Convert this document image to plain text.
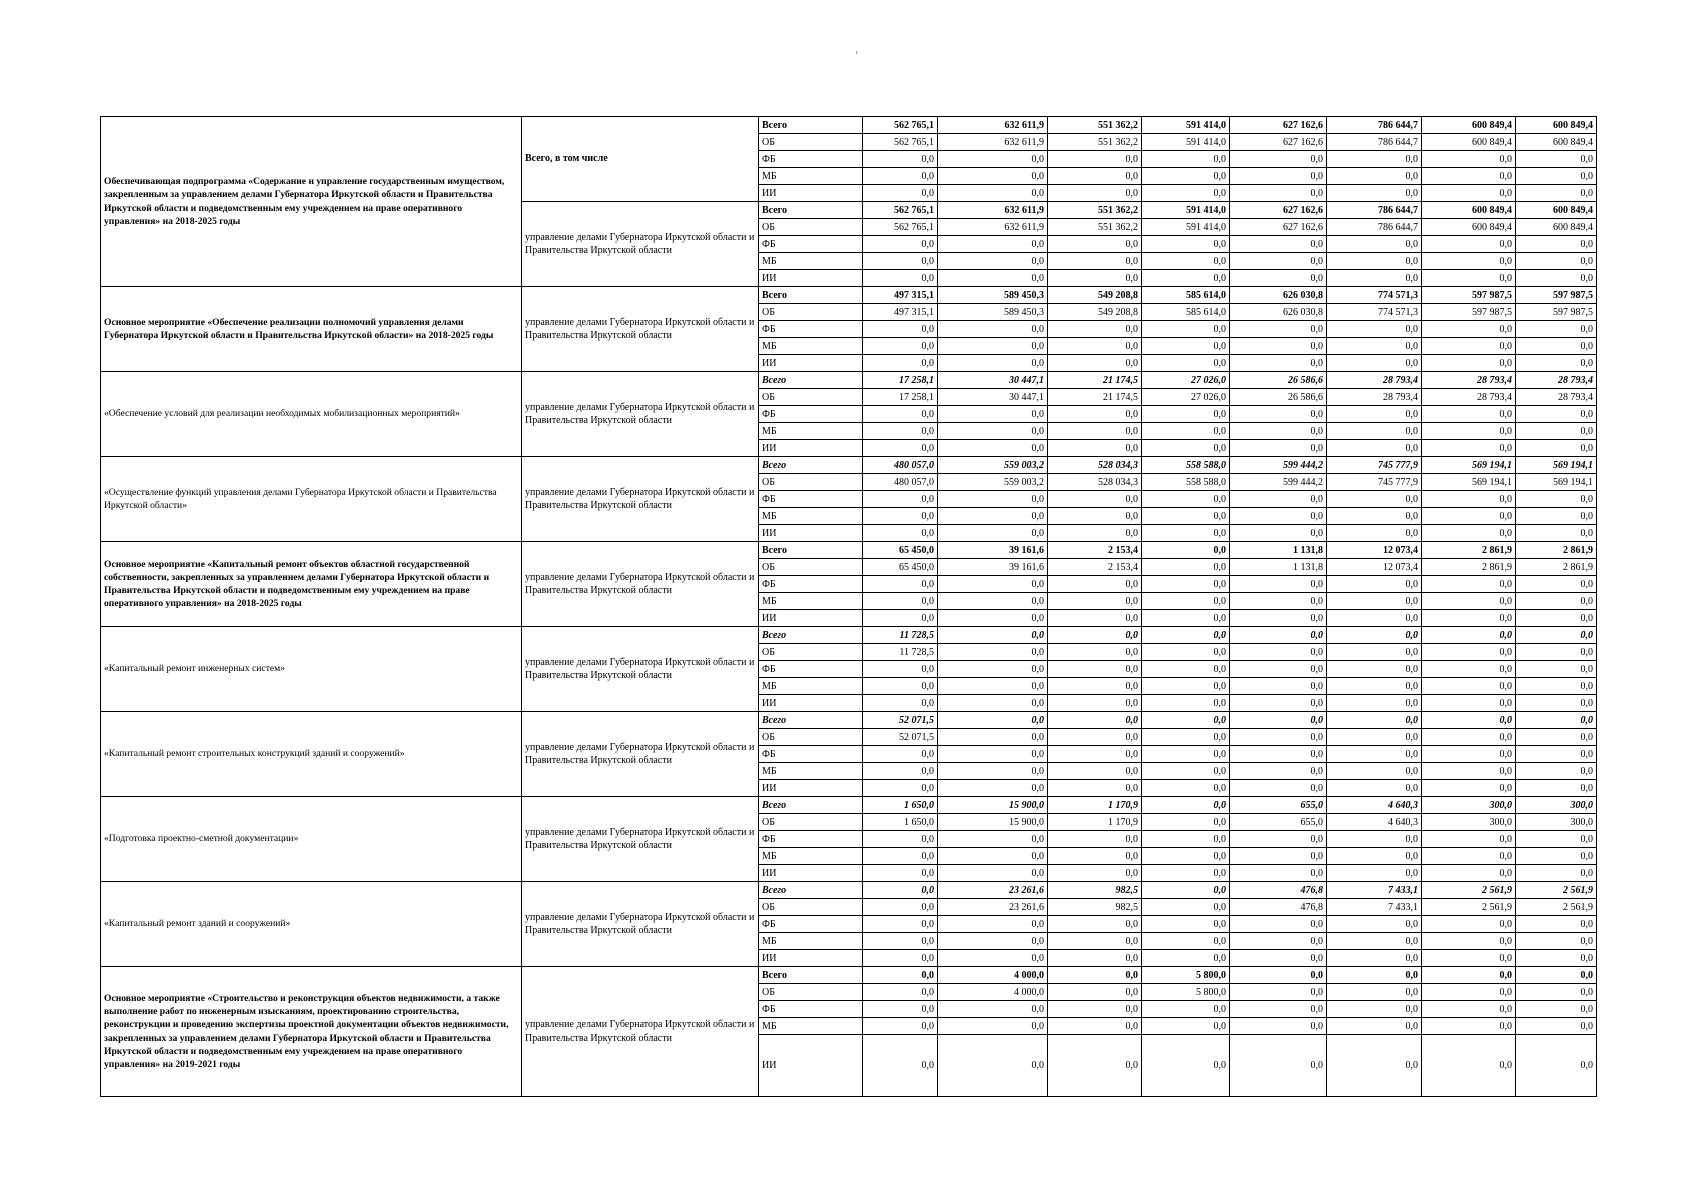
'
Обеспечивающая подпрограмма «Содержание и управление государственным имуществом, закрепленным за управлением делами Губернатора Иркутской области и Правительства Иркутской области и подведомственным ему учреждением на праве оперативного управления» на 2018-2025 годы	Всего, в том числе	Всего	562 765,1	632 611,9	551 362,2	591 414,0	627 162,6	786 644,7	600 849,4	600 849,4
		ОБ	562 765,1	632 611,9	551 362,2	591 414,0	627 162,6	786 644,7	600 849,4	600 849,4
		ФБ	0,0	0,0	0,0	0,0	0,0	0,0	0,0	0,0
		МБ	0,0	0,0	0,0	0,0	0,0	0,0	0,0	0,0
		ИИ	0,0	0,0	0,0	0,0	0,0	0,0	0,0	0,0
	управление делами Губернатора Иркутской области и Правительства Иркутской области	Всего	562 765,1	632 611,9	551 362,2	591 414,0	627 162,6	786 644,7	600 849,4	600 849,4
		ОБ	562 765,1	632 611,9	551 362,2	591 414,0	627 162,6	786 644,7	600 849,4	600 849,4
		ФБ	0,0	0,0	0,0	0,0	0,0	0,0	0,0	0,0
		МБ	0,0	0,0	0,0	0,0	0,0	0,0	0,0	0,0
		ИИ	0,0	0,0	0,0	0,0	0,0	0,0	0,0	0,0
Основное мероприятие «Обеспечение реализации полномочий управления делами Губернатора Иркутской области и Правительства Иркутской области» на 2018-2025 годы	управление делами Губернатора Иркутской области и Правительства Иркутской области	Всего	497 315,1	589 450,3	549 208,8	585 614,0	626 030,8	774 571,3	597 987,5	597 987,5
		ОБ	497 315,1	589 450,3	549 208,8	585 614,0	626 030,8	774 571,3	597 987,5	597 987,5
		ФБ	0,0	0,0	0,0	0,0	0,0	0,0	0,0	0,0
		МБ	0,0	0,0	0,0	0,0	0,0	0,0	0,0	0,0
		ИИ	0,0	0,0	0,0	0,0	0,0	0,0	0,0	0,0
«Обеспечение условий для реализации необходимых мобилизационных мероприятий»	управление делами Губернатора Иркутской области и Правительства Иркутской области	Всего	17 258,1	30 447,1	21 174,5	27 026,0	26 586,6	28 793,4	28 793,4	28 793,4
		ОБ	17 258,1	30 447,1	21 174,5	27 026,0	26 586,6	28 793,4	28 793,4	28 793,4
		ФБ	0,0	0,0	0,0	0,0	0,0	0,0	0,0	0,0
		МБ	0,0	0,0	0,0	0,0	0,0	0,0	0,0	0,0
		ИИ	0,0	0,0	0,0	0,0	0,0	0,0	0,0	0,0
«Осуществление функций управления делами Губернатора Иркутской области и Правительства Иркутской области»	управление делами Губернатора Иркутской области и Правительства Иркутской области	Всего	480 057,0	559 003,2	528 034,3	558 588,0	599 444,2	745 777,9	569 194,1	569 194,1
		ОБ	480 057,0	559 003,2	528 034,3	558 588,0	599 444,2	745 777,9	569 194,1	569 194,1
		ФБ	0,0	0,0	0,0	0,0	0,0	0,0	0,0	0,0
		МБ	0,0	0,0	0,0	0,0	0,0	0,0	0,0	0,0
		ИИ	0,0	0,0	0,0	0,0	0,0	0,0	0,0	0,0
Основное мероприятие «Капитальный ремонт объектов областной государственной собственности, закрепленных за управлением делами Губернатора Иркутской области и Правительства Иркутской области и подведомственным ему учреждением на праве оперативного управления» на 2018-2025 годы	управление делами Губернатора Иркутской области и Правительства Иркутской области	Всего	65 450,0	39 161,6	2 153,4	0,0	1 131,8	12 073,4	2 861,9	2 861,9
		ОБ	65 450,0	39 161,6	2 153,4	0,0	1 131,8	12 073,4	2 861,9	2 861,9
		ФБ	0,0	0,0	0,0	0,0	0,0	0,0	0,0	0,0
		МБ	0,0	0,0	0,0	0,0	0,0	0,0	0,0	0,0
		ИИ	0,0	0,0	0,0	0,0	0,0	0,0	0,0	0,0
«Капитальный ремонт инженерных систем»	управление делами Губернатора Иркутской области и Правительства Иркутской области	Всего	11 728,5	0,0	0,0	0,0	0,0	0,0	0,0	0,0
		ОБ	11 728,5	0,0	0,0	0,0	0,0	0,0	0,0	0,0
		ФБ	0,0	0,0	0,0	0,0	0,0	0,0	0,0	0,0
		МБ	0,0	0,0	0,0	0,0	0,0	0,0	0,0	0,0
		ИИ	0,0	0,0	0,0	0,0	0,0	0,0	0,0	0,0
«Капитальный ремонт строительных конструкций зданий и сооружений»	управление делами Губернатора Иркутской области и Правительства Иркутской области	Всего	52 071,5	0,0	0,0	0,0	0,0	0,0	0,0	0,0
		ОБ	52 071,5	0,0	0,0	0,0	0,0	0,0	0,0	0,0
		ФБ	0,0	0,0	0,0	0,0	0,0	0,0	0,0	0,0
		МБ	0,0	0,0	0,0	0,0	0,0	0,0	0,0	0,0
		ИИ	0,0	0,0	0,0	0,0	0,0	0,0	0,0	0,0
«Подготовка проектно-сметной документации»	управление делами Губернатора Иркутской области и Правительства Иркутской области	Всего	1 650,0	15 900,0	1 170,9	0,0	655,0	4 640,3	300,0	300,0
		ОБ	1 650,0	15 900,0	1 170,9	0,0	655,0	4 640,3	300,0	300,0
		ФБ	0,0	0,0	0,0	0,0	0,0	0,0	0,0	0,0
		МБ	0,0	0,0	0,0	0,0	0,0	0,0	0,0	0,0
		ИИ	0,0	0,0	0,0	0,0	0,0	0,0	0,0	0,0
«Капитальный ремонт зданий и сооружений»	управление делами Губернатора Иркутской области и Правительства Иркутской области	Всего	0,0	23 261,6	982,5	0,0	476,8	7 433,1	2 561,9	2 561,9
		ОБ	0,0	23 261,6	982,5	0,0	476,8	7 433,1	2 561,9	2 561,9
		ФБ	0,0	0,0	0,0	0,0	0,0	0,0	0,0	0,0
		МБ	0,0	0,0	0,0	0,0	0,0	0,0	0,0	0,0
		ИИ	0,0	0,0	0,0	0,0	0,0	0,0	0,0	0,0
Основное мероприятие «Строительство и реконструкция объектов недвижимости, а также выполнение работ по инженерным изысканиям, проектированию строительства, реконструкции и проведению экспертизы проектной документации объектов недвижимости, закрепленных за управлением делами Губернатора Иркутской области и Правительства Иркутской области и подведомственным ему учреждением на праве оперативного управления» на 2019-2021 годы	управление делами Губернатора Иркутской области и Правительства Иркутской области	Всего	0,0	4 000,0	0,0	5 800,0	0,0	0,0	0,0	0,0
		ОБ	0,0	4 000,0	0,0	5 800,0	0,0	0,0	0,0	0,0
		ФБ	0,0	0,0	0,0	0,0	0,0	0,0	0,0	0,0
		МБ	0,0	0,0	0,0	0,0	0,0	0,0	0,0	0,0
		ИИ	0,0	0,0	0,0	0,0	0,0	0,0	0,0	0,0
